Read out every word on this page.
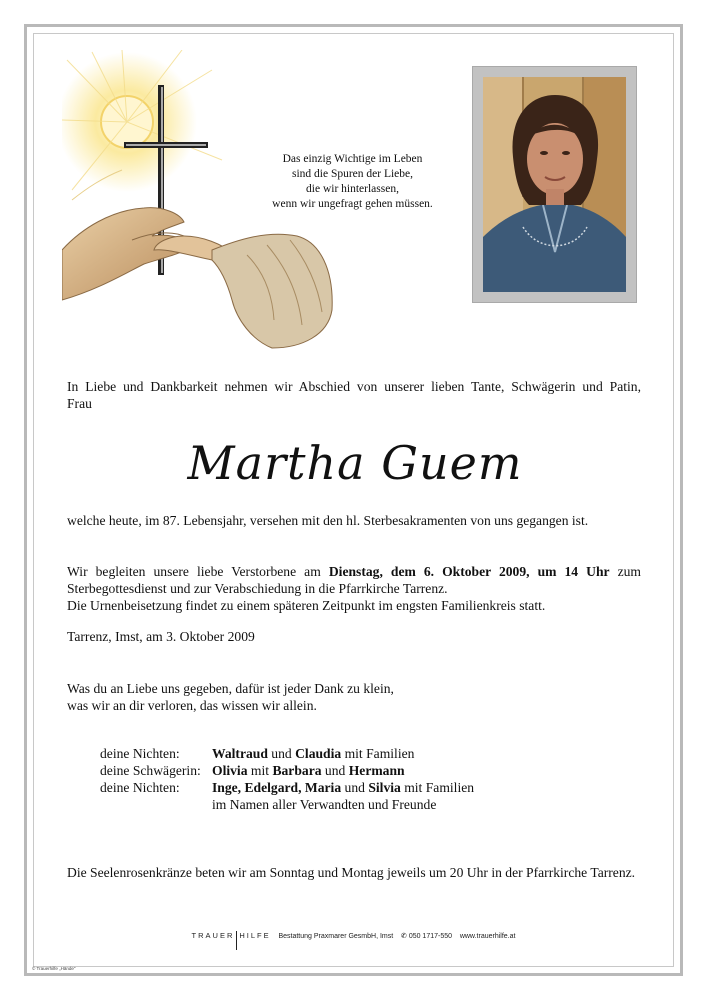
Das einzig Wichtige im Leben
sind die Spuren der Liebe,
die wir hinterlassen,
wenn wir ungefragt gehen müssen.
In Liebe und Dankbarkeit nehmen wir Abschied von unserer lieben Tante, Schwägerin und Patin,
Frau
Martha Guem
welche heute, im 87. Lebensjahr, versehen mit den hl. Sterbesakramenten von uns gegangen ist.
Wir begleiten unsere liebe Verstorbene am Dienstag, dem 6. Oktober 2009, um 14 Uhr zum
Sterbegottesdienst und zur Verabschiedung in die Pfarrkirche Tarrenz.
Die Urnenbeisetzung findet zu einem späteren Zeitpunkt im engsten Familienkreis statt.
Tarrenz, Imst, am 3. Oktober 2009
Was du an Liebe uns gegeben, dafür ist jeder Dank zu klein,
was wir an dir verloren, das wissen wir allein.
deine Nichten:	Waltraud und Claudia mit Familien
deine Schwägerin: Olivia mit Barbara und Hermann
deine Nichten:	Inge, Edelgard, Maria und Silvia mit Familien
im Namen aller Verwandten und Freunde
Die Seelenrosenkränze beten wir am Sonntag und Montag jeweils um 20 Uhr in der Pfarrkirche Tarrenz.
TRAUER HILFE Bestattung Praxmarer GesmbH, Imst ✆ 050 1717-550 www.trauerhilfe.at
© Trauerhilfe „Hände"
